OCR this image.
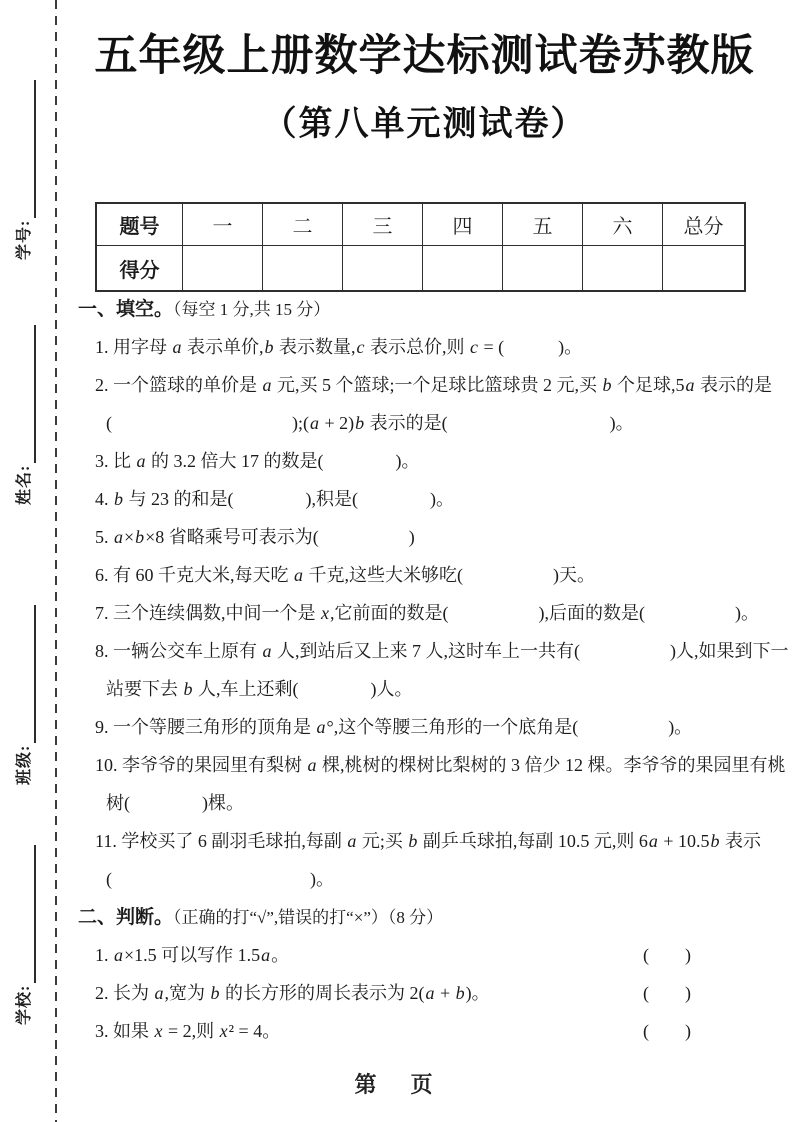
学号:
姓名:
班级:
学校:
五年级上册数学达标测试卷苏教版
（第八单元测试卷）
题号	一	二	三	四	五	六	总分
得分							
一、填空。（每空 1 分,共 15 分）
1. 用字母 a 表示单价,b 表示数量,c 表示总价,则 c = (　　　)。
2. 一个篮球的单价是 a 元,买 5 个篮球;一个足球比篮球贵 2 元,买 b 个足球,5a 表示的是
(　　　　　　　　　　);(a + 2)b 表示的是(　　　　　　　　　)。
3. 比 a 的 3.2 倍大 17 的数是(　　　　)。
4. b 与 23 的和是(　　　　),积是(　　　　)。
5. a×b×8 省略乘号可表示为(　　　　　)
6. 有 60 千克大米,每天吃 a 千克,这些大米够吃(　　　　　)天。
7. 三个连续偶数,中间一个是 x,它前面的数是(　　　　　),后面的数是(　　　　　)。
8. 一辆公交车上原有 a 人,到站后又上来 7 人,这时车上一共有(　　　　　)人,如果到下一
站要下去 b 人,车上还剩(　　　　)人。
9. 一个等腰三角形的顶角是 a°,这个等腰三角形的一个底角是(　　　　　)。
10. 李爷爷的果园里有梨树 a 棵,桃树的棵树比梨树的 3 倍少 12 棵。李爷爷的果园里有桃
树(　　　　)棵。
11. 学校买了 6 副羽毛球拍,每副 a 元;买 b 副乒乓球拍,每副 10.5 元,则 6a + 10.5b 表示
(　　　　　　　　　　　)。
二、判断。（正确的打“√”,错误的打“×”）（8 分）
1. a×1.5 可以写作 1.5a。	(　　)
2. 长为 a,宽为 b 的长方形的周长表示为 2(a + b)。	(　　)
3. 如果 x = 2,则 x² = 4。	(　　)
第　页
